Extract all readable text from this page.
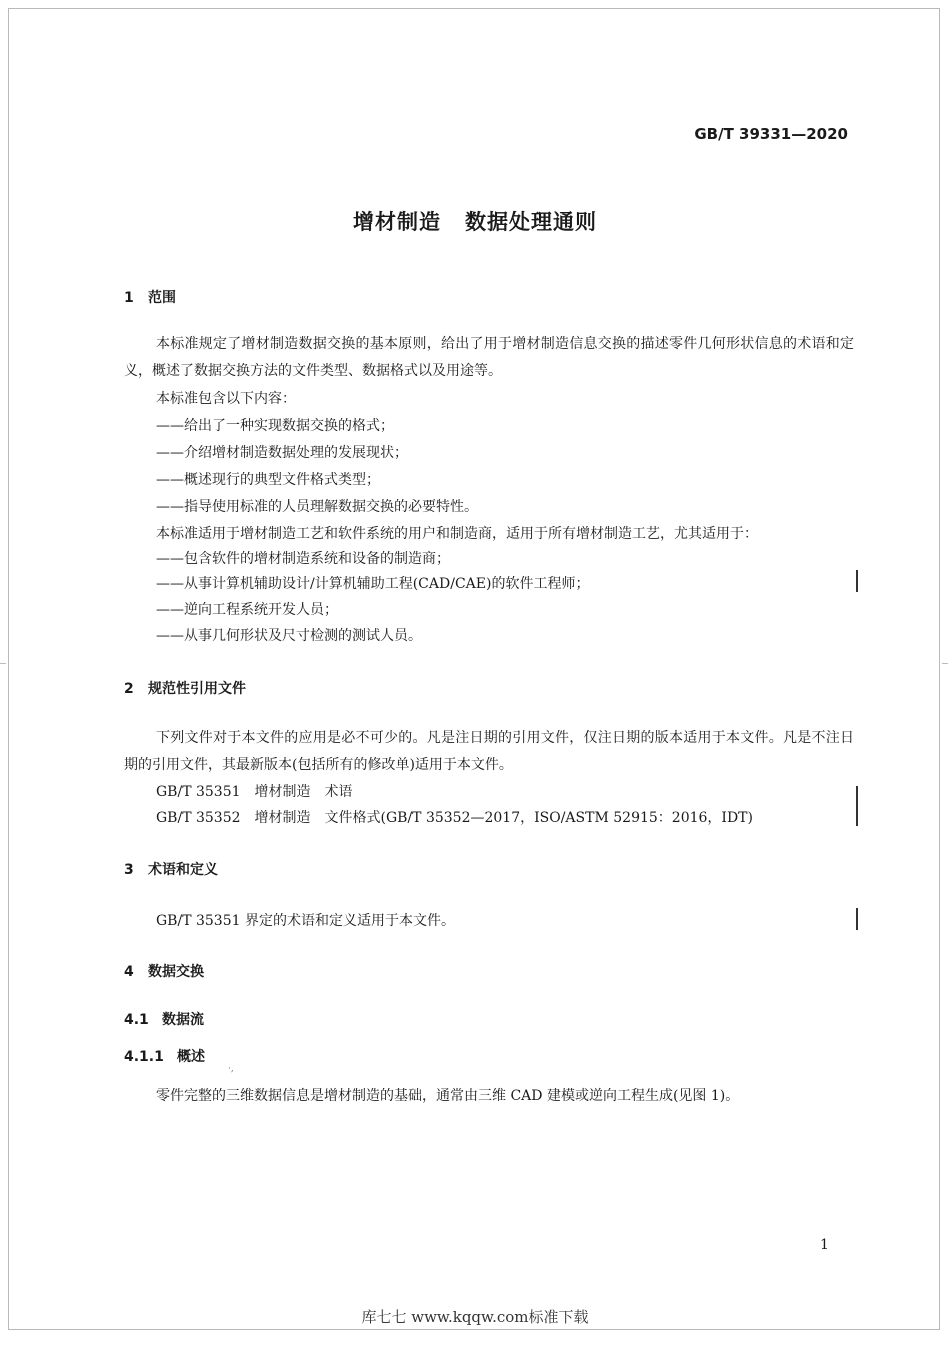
GB/T 39331—2020
增材制造 数据处理通则
1 范围
本标准规定了增材制造数据交换的基本原则，给出了用于增材制造信息交换的描述零件几何形状信息的术语和定义，概述了数据交换方法的文件类型、数据格式以及用途等。
本标准包含以下内容：
——给出了一种实现数据交换的格式；
——介绍增材制造数据处理的发展现状；
——概述现行的典型文件格式类型；
——指导使用标准的人员理解数据交换的必要特性。
本标准适用于增材制造工艺和软件系统的用户和制造商，适用于所有增材制造工艺，尤其适用于：
——包含软件的增材制造系统和设备的制造商；
——从事计算机辅助设计/计算机辅助工程(CAD/CAE)的软件工程师；
——逆向工程系统开发人员；
——从事几何形状及尺寸检测的测试人员。
2 规范性引用文件
下列文件对于本文件的应用是必不可少的。凡是注日期的引用文件，仅注日期的版本适用于本文件。凡是不注日期的引用文件，其最新版本(包括所有的修改单)适用于本文件。
GB/T 35351　增材制造　术语
GB/T 35352　增材制造　文件格式(GB/T 35352—2017，ISO/ASTM 52915：2016，IDT)
3 术语和定义
GB/T 35351 界定的术语和定义适用于本文件。
4 数据交换
4.1 数据流
4.1.1 概述
·,
零件完整的三维数据信息是增材制造的基础，通常由三维 CAD 建模或逆向工程生成(见图 1)。
1
库七七 www.kqqw.com标准下载
